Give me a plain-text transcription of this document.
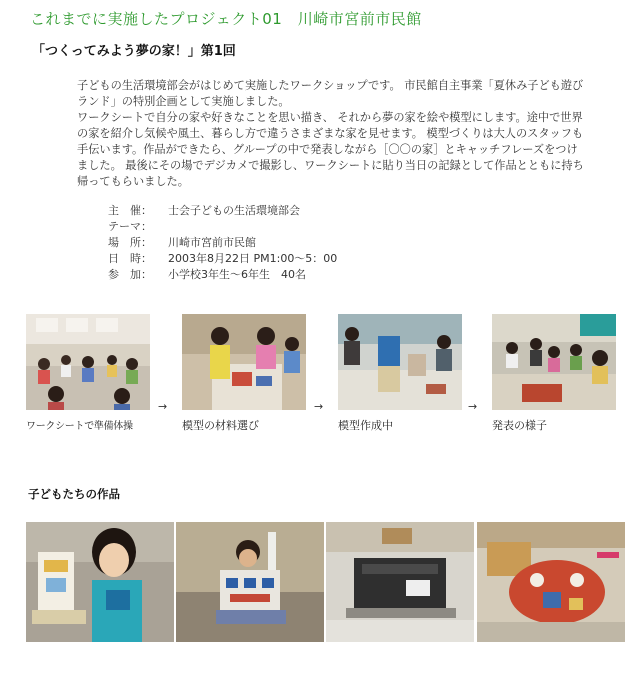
これまでに実施したプロジェクト01　川崎市宮前市民館
「つくってみよう夢の家！」第1回

子どもの生活環境部会がはじめて実施したワークショップです。 市民館自主事業「夏休み子ども遊びランド」の特別企画として実施しました。

ワークシートで自分の家や好きなことを思い描き、 それから夢の家を絵や模型にします。途中で世界の家を紹介し気候や風土、暮らし方で違うさまざまな家を見せます。 模型づくりは大人のスタッフも手伝います。作品ができたら、グループの中で発表しながら［〇〇の家］とキャッチフレーズをつけました。 最後にその場でデジカメで撮影し、ワークシートに貼り当日の記録として作品とともに持ち帰ってもらいました。

主　催：	士会子どもの生活環境部会
テーマ：
場　所：	川崎市宮前市民館
日　時：	2003年8月22日 PM1:00〜5：00
参　加：	小学校3年生〜6年生　40名
ワークシートで準備体操
→
模型の材料選び
→
模型作成中
→
発表の様子
子どもたちの作品
